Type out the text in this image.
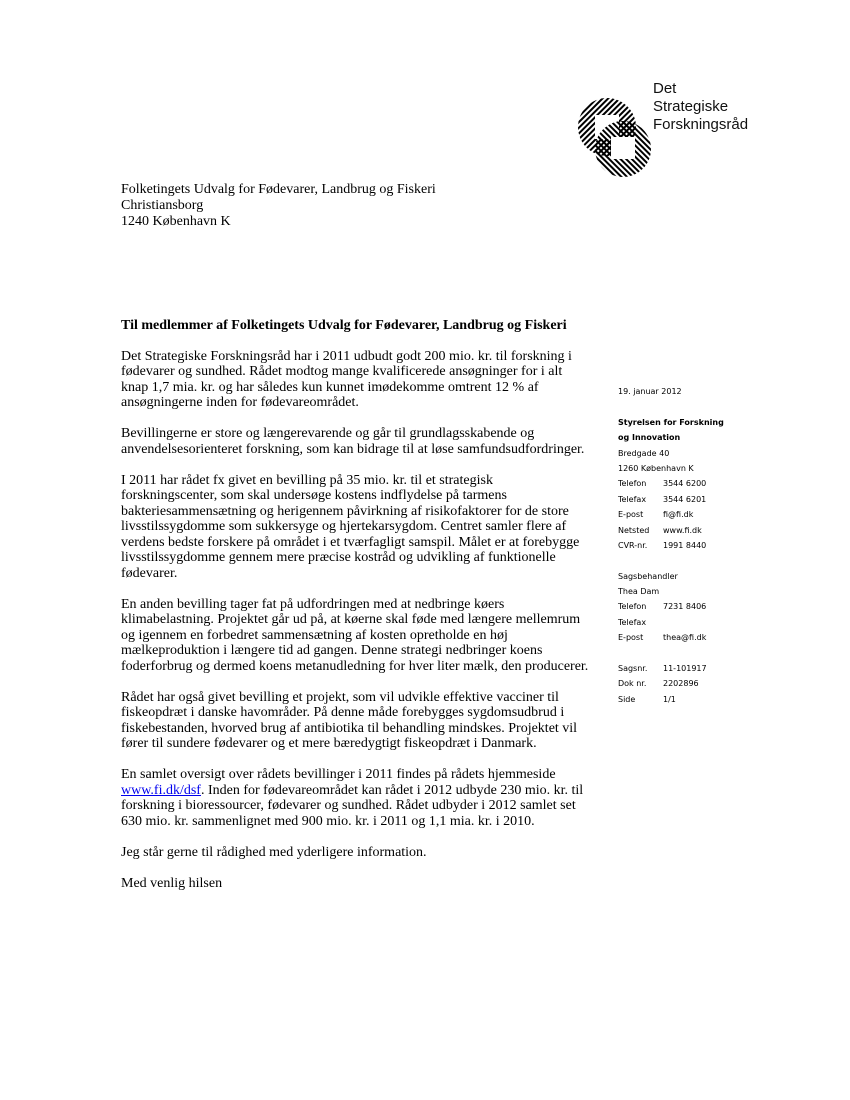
Det
Strategiske
Forskningsråd
Folketingets Udvalg for Fødevarer, Landbrug og Fiskeri
Christiansborg
1240 København K
Til medlemmer af Folketingets Udvalg for Fødevarer, Landbrug og Fiskeri

Det Strategiske Forskningsråd har i 2011 udbudt godt 200 mio. kr. til forskning i fødevarer og sundhed. Rådet modtog mange kvalificerede ansøgninger for i alt knap 1,7 mia. kr. og har således kun kunnet imødekomme omtrent 12 % af ansøgningerne inden for fødevareområdet.

Bevillingerne er store og længerevarende og går til grundlagsskabende og anvendelsesorienteret forskning, som kan bidrage til at løse samfundsudfordringer.

I 2011 har rådet fx givet en bevilling på 35 mio. kr. til et strategisk forskningscenter, som skal undersøge kostens indflydelse på tarmens bakteriesammensætning og herigennem påvirkning af risikofaktorer for de store livsstilssygdomme som sukkersyge og hjertekarsygdom. Centret samler flere af verdens bedste forskere på området i et tværfagligt samspil. Målet er at forebygge livsstilssygdomme gennem mere præcise kostråd og udvikling af funktionelle fødevarer.

En anden bevilling tager fat på udfordringen med at nedbringe køers klimabelastning. Projektet går ud på, at køerne skal føde med længere mellemrum og igennem en forbedret sammensætning af kosten opretholde en høj mælkeproduktion i længere tid ad gangen. Denne strategi nedbringer koens foderforbrug og dermed koens metanudledning for hver liter mælk, den producerer.

Rådet har også givet bevilling et projekt, som vil udvikle effektive vacciner til fiskeopdræt i danske havområder. På denne måde forebygges sygdomsudbrud i fiskebestanden, hvorved brug af antibiotika til behandling mindskes. Projektet vil fører til sundere fødevarer og et mere bæredygtigt fiskeopdræt i Danmark.

En samlet oversigt over rådets bevillinger i 2011 findes på rådets hjemmeside www.fi.dk/dsf. Inden for fødevareområdet kan rådet i 2012 udbyde 230 mio. kr. til forskning i bioressourcer, fødevarer og sundhed. Rådet udbyder i 2012 samlet set 630 mio. kr. sammenlignet med 900 mio. kr. i 2011 og 1,1 mia. kr. i 2010.

Jeg står gerne til rådighed med yderligere information.

Med venlig hilsen

19. januar 2012
Styrelsen for Forskning
og Innovation
Bredgade 40
1260 København K
Telefon	3544 6200
Telefax	3544 6201
E-post	fi@fi.dk
Netsted	www.fi.dk
CVR-nr.	1991 8440
Sagsbehandler
Thea Dam
Telefon	7231 8406
Telefax
E-post	thea@fi.dk
Sagsnr.	11-101917
Dok nr.	2202896
Side	1/1
